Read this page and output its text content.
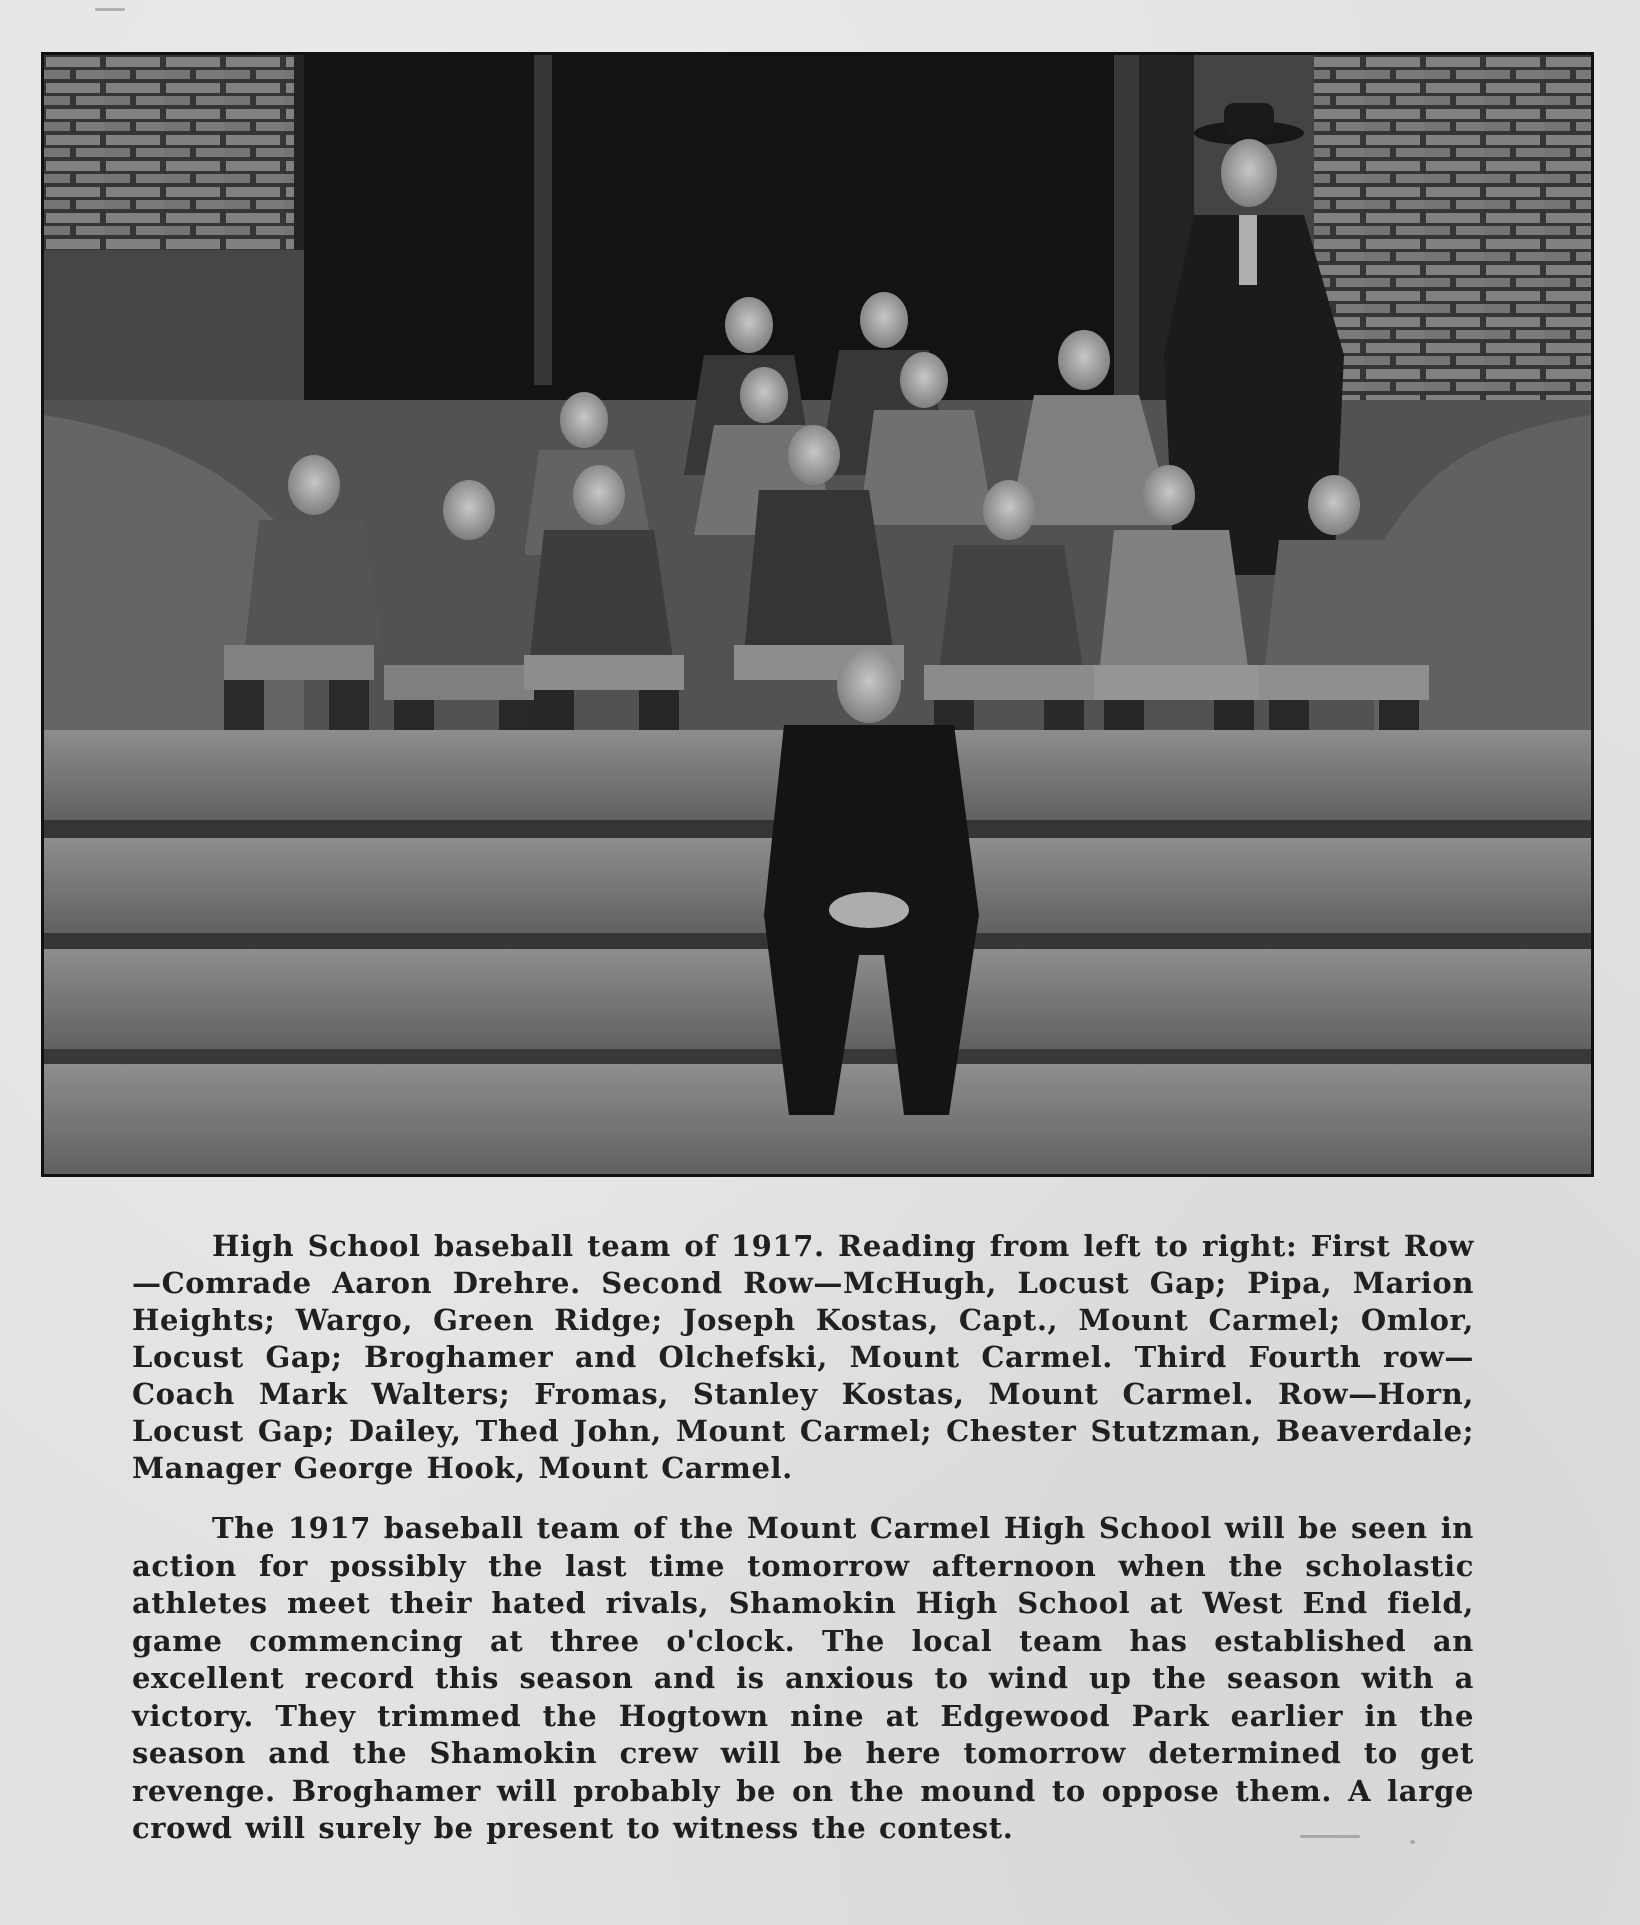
High School baseball team of 1917. Reading from left to right: First Row—Comrade Aaron Drehre. Second Row—McHugh, Locust Gap; Pipa, Marion Heights; Wargo, Green Ridge; Joseph Kostas, Capt., Mount Carmel; Omlor, Locust Gap; Broghamer and Olchefski, Mount Carmel. Third Fourth row—Coach Mark Walters; Fromas, Stanley Kostas, Mount Carmel. Row—Horn, Locust Gap; Dailey, Thed John, Mount Carmel; Chester Stutzman, Beaverdale; Manager George Hook, Mount Carmel.

The 1917 baseball team of the Mount Carmel High School will be seen in action for possibly the last time tomorrow afternoon when the scholastic athletes meet their hated rivals, Shamokin High School at West End field, game commencing at three o'clock. The local team has established an excellent record this season and is anxious to wind up the season with a victory. They trimmed the Hogtown nine at Edgewood Park earlier in the season and the Shamokin crew will be here tomorrow determined to get revenge. Broghamer will probably be on the mound to oppose them. A large crowd will surely be present to witness the contest.
